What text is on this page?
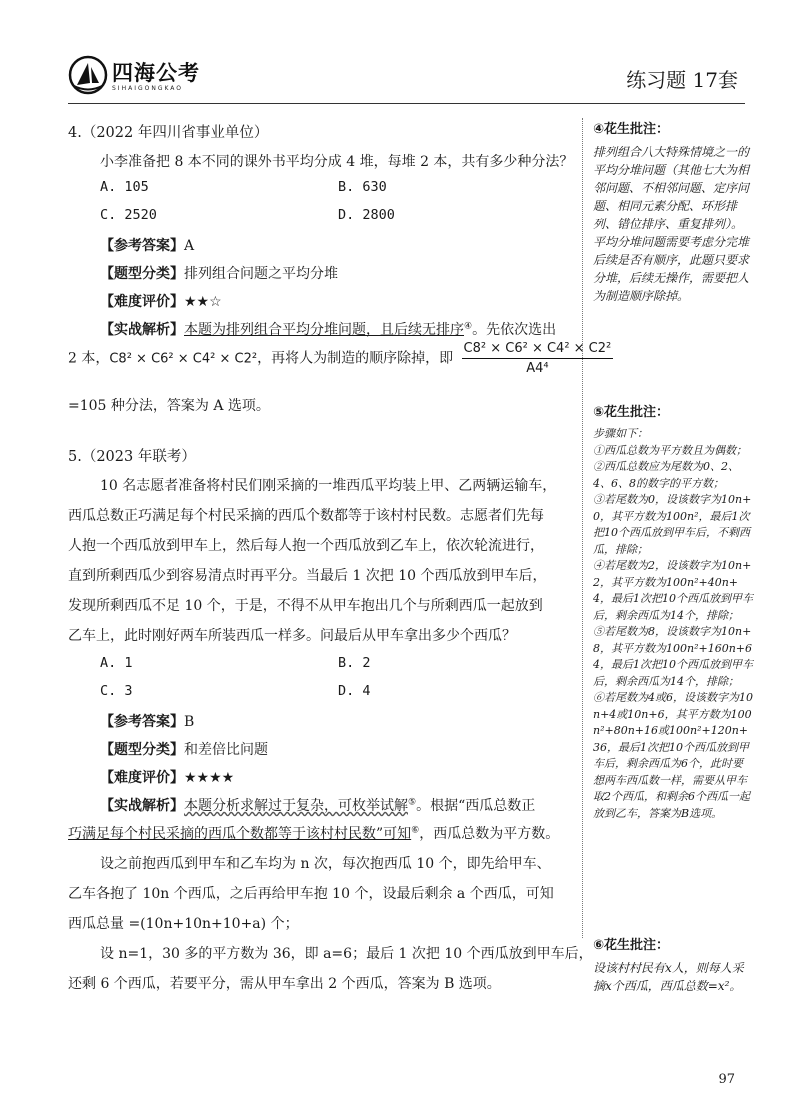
四海公考
SIHAIGONGKAO	练习题 17套
4.（2022 年四川省事业单位）
小李准备把 8 本不同的课外书平均分成 4 堆，每堆 2 本，共有多少种分法？
A. 105	B. 630
C. 2520	D. 2800
【参考答案】A
【题型分类】排列组合问题之平均分堆
【难度评价】★★☆
【实战解析】本题为排列组合平均分堆问题，且后续无排序④。先依次选出
2 本，C8² × C6² × C4² × C2²，再将人为制造的顺序除掉，即 $\frac{\text{C8² × C6² × C4² × C2²}}{\text{A4⁴}}$
=105 种分法，答案为 A 选项。
5.（2023 年联考）
10 名志愿者准备将村民们刚采摘的一堆西瓜平均装上甲、乙两辆运输车，
西瓜总数正巧满足每个村民采摘的西瓜个数都等于该村村民数。志愿者们先每
人抱一个西瓜放到甲车上，然后每人抱一个西瓜放到乙车上，依次轮流进行，
直到所剩西瓜少到容易清点时再平分。当最后 1 次把 10 个西瓜放到甲车后，
发现所剩西瓜不足 10 个，于是，不得不从甲车抱出几个与所剩西瓜一起放到
乙车上，此时刚好两车所装西瓜一样多。问最后从甲车拿出多少个西瓜？
A. 1	B. 2
C. 3	D. 4
【参考答案】B
【题型分类】和差倍比问题
【难度评价】★★★★
【实战解析】本题分析求解过于复杂，可枚举试解⑤。根据“西瓜总数正
巧满足每个村民采摘的西瓜个数都等于该村村民数”可知⑥，西瓜总数为平方数。
设之前抱西瓜到甲车和乙车均为 n 次，每次抱西瓜 10 个，即先给甲车、
乙车各抱了 10n 个西瓜，之后再给甲车抱 10 个，设最后剩余 a 个西瓜，可知
西瓜总量 =(10n+10n+10+a) 个；
设 n=1，30 多的平方数为 36，即 a=6；最后 1 次把 10 个西瓜放到甲车后，
还剩 6 个西瓜，若要平分，需从甲车拿出 2 个西瓜，答案为 B 选项。
④花生批注：
排列组合八大特殊情境之一的平均分堆问题（其他七大为相邻问题、不相邻问题、定序问题、相同元素分配、环形排列、错位排序、重复排列）。
平均分堆问题需要考虑分完堆后续是否有顺序，此题只要求分堆，后续无操作，需要把人为制造顺序除掉。
⑤花生批注：
步骤如下：
①西瓜总数为平方数且为偶数；
②西瓜总数应为尾数为0、2、4、6、8的数字的平方数；
③若尾数为0，设该数字为10n+0，其平方数为100n²，最后1次把10个西瓜放到甲车后，不剩西瓜，排除；
④若尾数为2，设该数字为10n+2，其平方数为100n²+40n+4，最后1次把10个西瓜放到甲车后，剩余西瓜为14个，排除；
⑤若尾数为8，设该数字为10n+8，其平方数为100n²+160n+64，最后1次把10个西瓜放到甲车后，剩余西瓜为14个，排除；
⑥若尾数为4或6，设该数字为10n+4或10n+6，其平方数为100n²+80n+16或100n²+120n+36，最后1次把10个西瓜放到甲车后，剩余西瓜为6个，此时要想两车西瓜数一样，需要从甲车取2个西瓜，和剩余6个西瓜一起放到乙车，答案为B选项。
⑥花生批注：
设该村村民有x人，则每人采摘x个西瓜，西瓜总数=x²。
97
